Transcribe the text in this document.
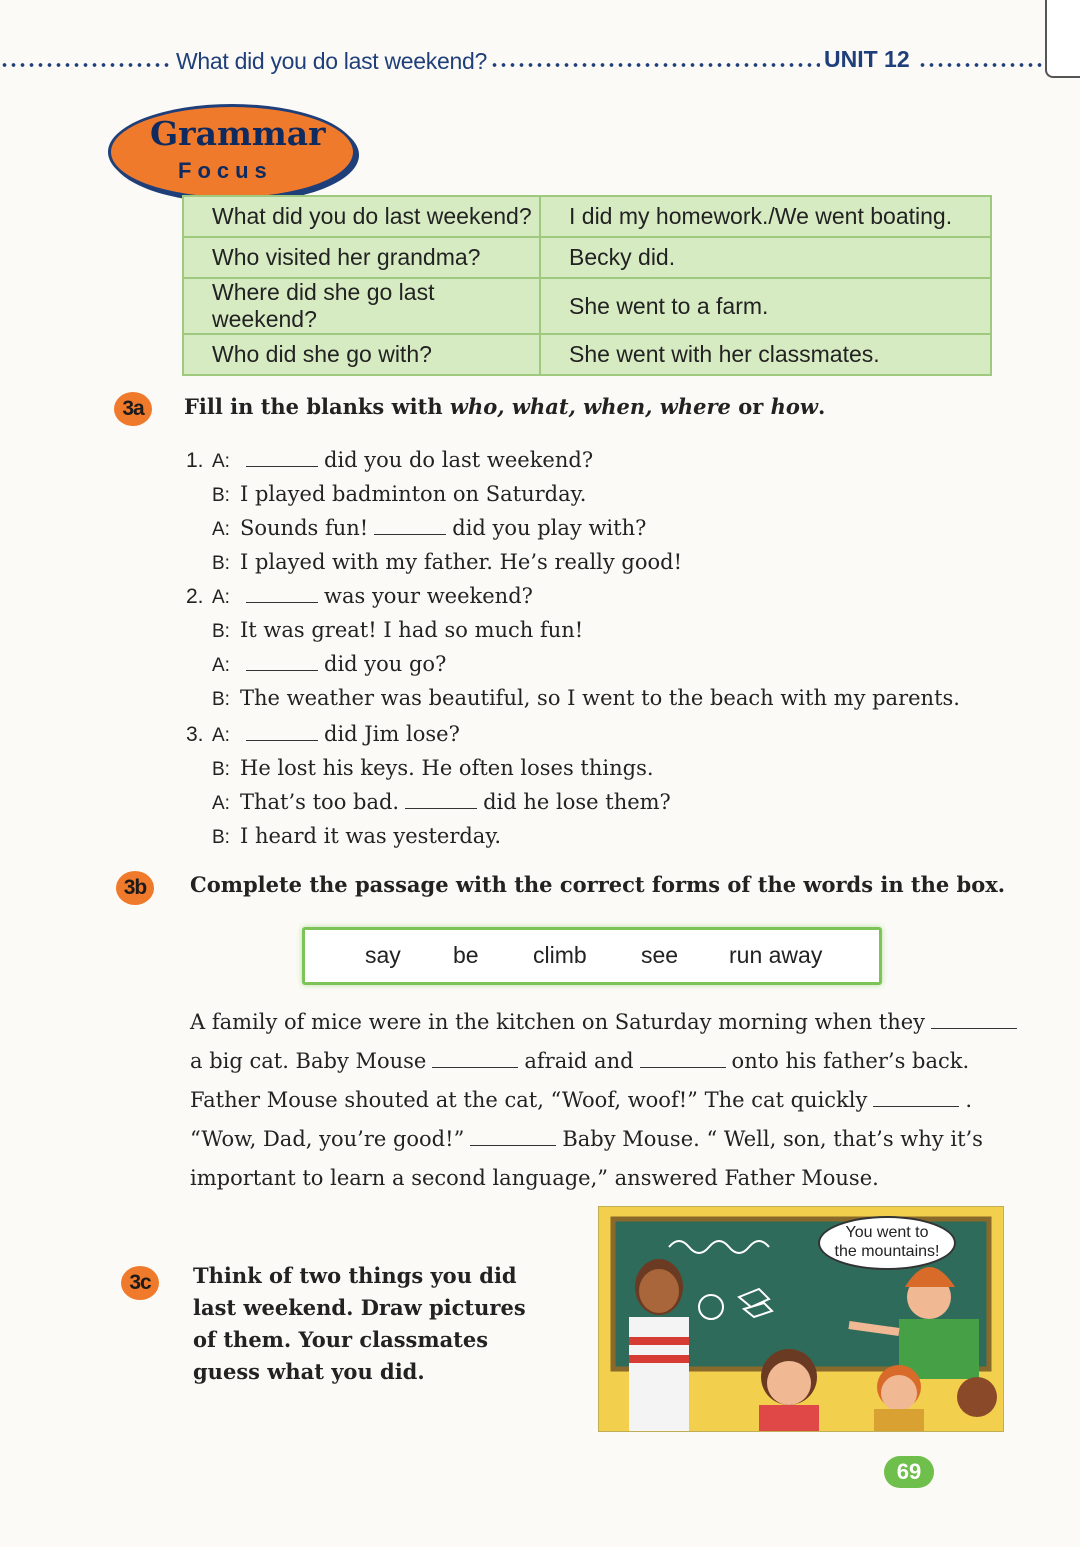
What did you do last weekend?	UNIT 12
Grammar
Focus
What did you do last weekend?	I did my homework./We went boating.
Who visited her grandma?	Becky did.
Where did she go last weekend?	She went to a farm.
Who did she go with?	She went with her classmates.
3a	Fill in the blanks with who, what, when, where or how.
1. A:	did you do last weekend?
B: I played badminton on Saturday.
A: Sounds fun!	did you play with?
B: I played with my father. He’s really good!
2. A:	was your weekend?
B: It was great! I had so much fun!
A:	did you go?
B: The weather was beautiful, so I went to the beach with my parents.
3. A:	did Jim lose?
B: He lost his keys. He often loses things.
A: That’s too bad.	did he lose them?
B: I heard it was yesterday.
3b	Complete the passage with the correct forms of the words in the box.
say be climb see run away
A family of mice were in the kitchen on Saturday morning when they
a big cat. Baby Mouse	afraid and	onto his father’s back.
Father Mouse shouted at the cat, “Woof, woof!” The cat quickly	.
“Wow, Dad, you’re good!”	Baby Mouse. “ Well, son, that’s why it’s
important to learn a second language,” answered Father Mouse.
3c	Think of two things you did
last weekend. Draw pictures
of them. Your classmates
guess what you did.
You went to
the mountains!
69
